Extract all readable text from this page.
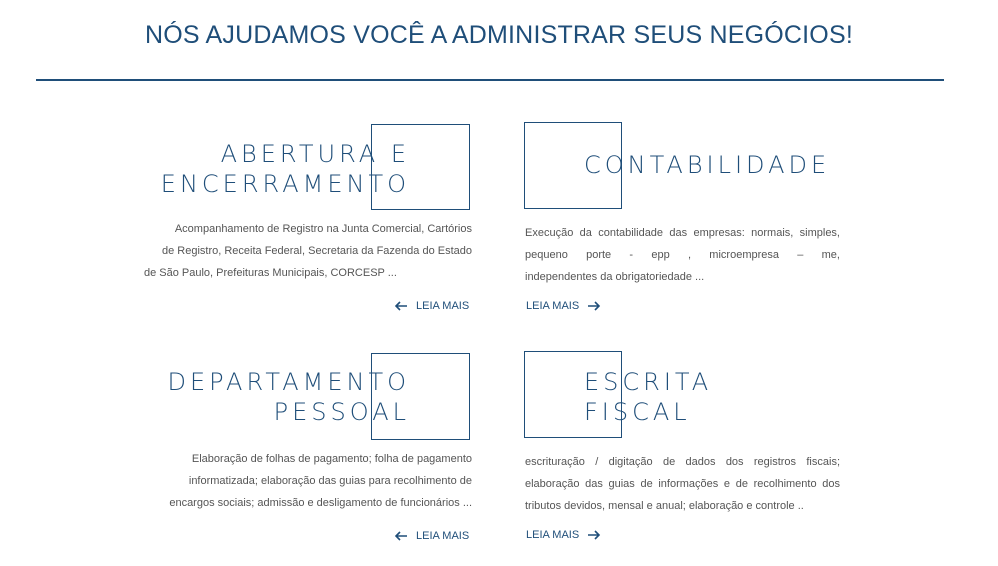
NÓS AJUDAMOS VOCÊ A ADMINISTRAR SEUS NEGÓCIOS!
ABERTURA E
ENCERRAMENTO
Acompanhamento de Registro na Junta Comercial, Cartórios
de Registro, Receita Federal, Secretaria da Fazenda do Estado
de São Paulo, Prefeituras Municipais, CORCESP ...
LEIA MAIS
CONTABILIDADE
Execução da contabilidade das empresas: normais, simples,
pequeno porte - epp , microempresa – me,
independentes da obrigatoriedade ...
LEIA MAIS
DEPARTAMENTO
PESSOAL
Elaboração de folhas de pagamento; folha de pagamento
informatizada; elaboração das guias para recolhimento de
encargos sociais; admissão e desligamento de funcionários ...
LEIA MAIS
ESCRITA
FISCAL
escrituração / digitação de dados dos registros fiscais;
elaboração das guias de informações e de recolhimento dos
tributos devidos, mensal e anual; elaboração e controle ..
LEIA MAIS
